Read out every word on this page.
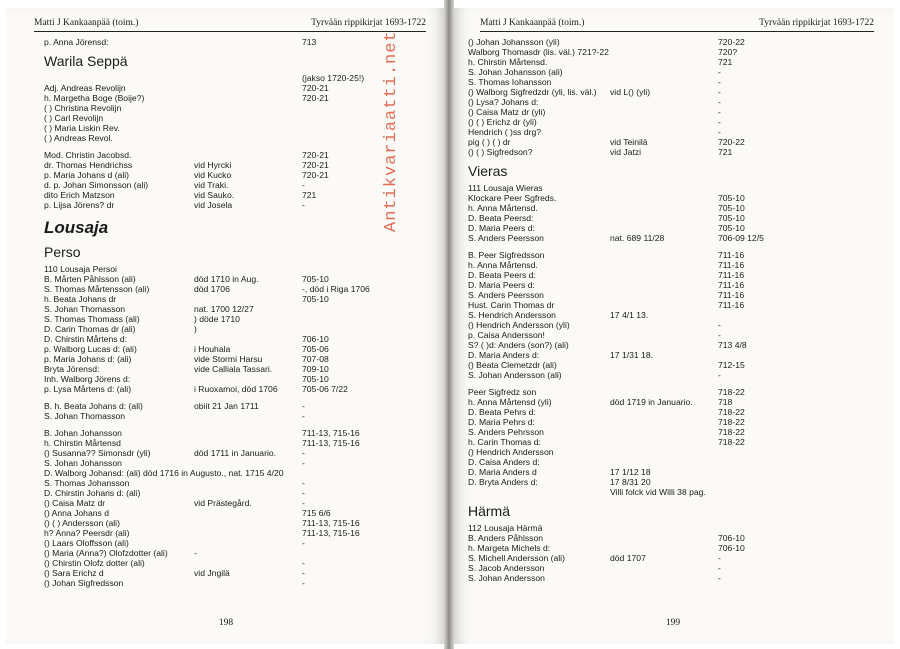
Matti J Kankaanpää (toim.)	Tyrvään rippikirjat 1693-1722
p. Anna Jörensd:	713
Warila Seppä
(jakso 1720-25!)
Adj. Andreas Revolijn	720-21
h. Margetha Boge (Boije?)	720-21
( ) Christina Revolijn
( ) Carl Revolijn
( ) Maria Liskin Rev.
( ) Andreas Revol.
Mod. Christin Jacobsd.	720-21
dr. Thomas Hendrichss	vid Hyrcki	720-21
p. Maria Johans d (ali)	vid Kucko	720-21
d. p. Johan Simonsson (ali)	vid Traki.	-
dito Erich Matzson	vid Sauko.	721
p. Lijsa Jörens? dr	vid Josela	-
Lousaja
Perso
110 Lousaja Persoi
B. Mårten Påhlsson (ali)	död 1710 in Aug.	705-10
S. Thomas Mårtensson (ali)	död 1706	-, död i Riga 1706
h. Beata Johans dr	705-10
S. Johan Thomasson	nat. 1700 12/27
S. Thomas Thomass (ali)	) döde 1710
D. Carin Thomas dr (ali)	)
D. Chirstin Mårtens d:	706-10
p. Walborg Lucas d: (ali)	i Houhala	705-06
p. Maria Johans d: (ali)	vide Stormi Harsu	707-08
Bryta Jörensd:	vide Calliala Tassari.	709-10
Inh. Walborg Jörens d:	705-10
p. Lysa Mårtens d: (ali)	i Ruoxamoi, död 1706	705-06 7/22
B. h. Beata Johans d: (ali)	obiit 21 Jan 1711	-
S. Johan Thomasson	-
B. Johan Johansson	711-13, 715-16
h. Chirstin Mårtensd	711-13, 715-16
() Susanna?? Simonsdr (yli)	död 1711 in Januario.	-
S. Johan Johansson	-
D. Walborg Johansd: (ali) död 1716 in Augusto., nat. 1715 4/20
S. Thomas Johansson	-
D. Chirstin Johans d: (ali)	-
() Caisa Matz dr	vid Prästegård.	-
() Anna Johans d	715 6/6
() ( ) Andersson (ali)	711-13, 715-16
h? Anna? Peersdr (ali)	711-13, 715-16
() Laars Oloffsson (ali)	-
() Maria (Anna?) Olofzdotter (ali)	-
() Chirstin Olofz dotter (ali)	-
() Sara Erichz d	vid Jngilä	-
() Johan Sigfredsson	-
198
Matti J Kankaanpää (toim.)	Tyrvään rippikirjat 1693-1722
() Johan Johansson (yli)	720-22
Walborg Thomasdr (lis. väl.) 721?-22	720?
h. Chirstin Mårtensd.	721
S. Johan Johansson (ali)	-
S. Thomas Iohansson	-
() Walborg Sigfredzdr (yli, lis. väl.) vid L() (yli)	-
() Lysa? Johans d:	-
() Caisa Matz dr (yli)	-
() ( ) Erichz dr (yli)	-
Hendrich ( )ss drg?	-
pig ( ) ( ) dr	vid Teinilä	720-22
() ( ) Sigfredson?	vid Jatzi	721
Vieras
111 Lousaja Wieras
Klockare Peer Sgfreds.	705-10
h. Anna Mårtensd.	705-10
D. Beata Peersd:	705-10
D. Maria Peers d:	705-10
S. Anders Peersson	nat. 689 11/28	706-09 12/5
B. Peer Sigfredsson	711-16
h. Anna Mårtensd.	711-16
D. Beata Peers d:	711-16
D. Maria Peers d:	711-16
S. Anders Peersson	711-16
Hust. Carin Thomas dr	711-16
S. Hendrich Andersson	17 4/1 13.
() Hendrich Andersson (yli)	-
p. Caisa Andersson!	-
S? ( )d: Anders (son?) (ali)	713 4/8
D. Maria Anders d:	17 1/31 18.
() Beata Clemetzdr (ali)	712-15
S. Johan Andersson (ali)	-
Peer Sigfredz son	718-22
h. Anna Mårtensd (yli)	död 1719 in Januario.	718
D. Beata Pehrs d:	718-22
D. Maria Pehrs d:	718-22
S. Anders Pehrsson	718-22
h. Carin Thomas d:	718-22
() Hendrich Andersson
D. Caisa Anders d:
D. Maria Anders d	17 1/12 18
D. Bryta Anders d:	17 8/31 20
Villi folck vid Willi 38 pag.
Härmä
112 Lousaja Härmä
B. Anders Påhlsson	706-10
h. Margeta Michels d:	706-10
S. Michell Andersson (ali)	död 1707	-
S. Jacob Andersson	-
S. Johan Andersson	-
199
Antikvariaatti.net
